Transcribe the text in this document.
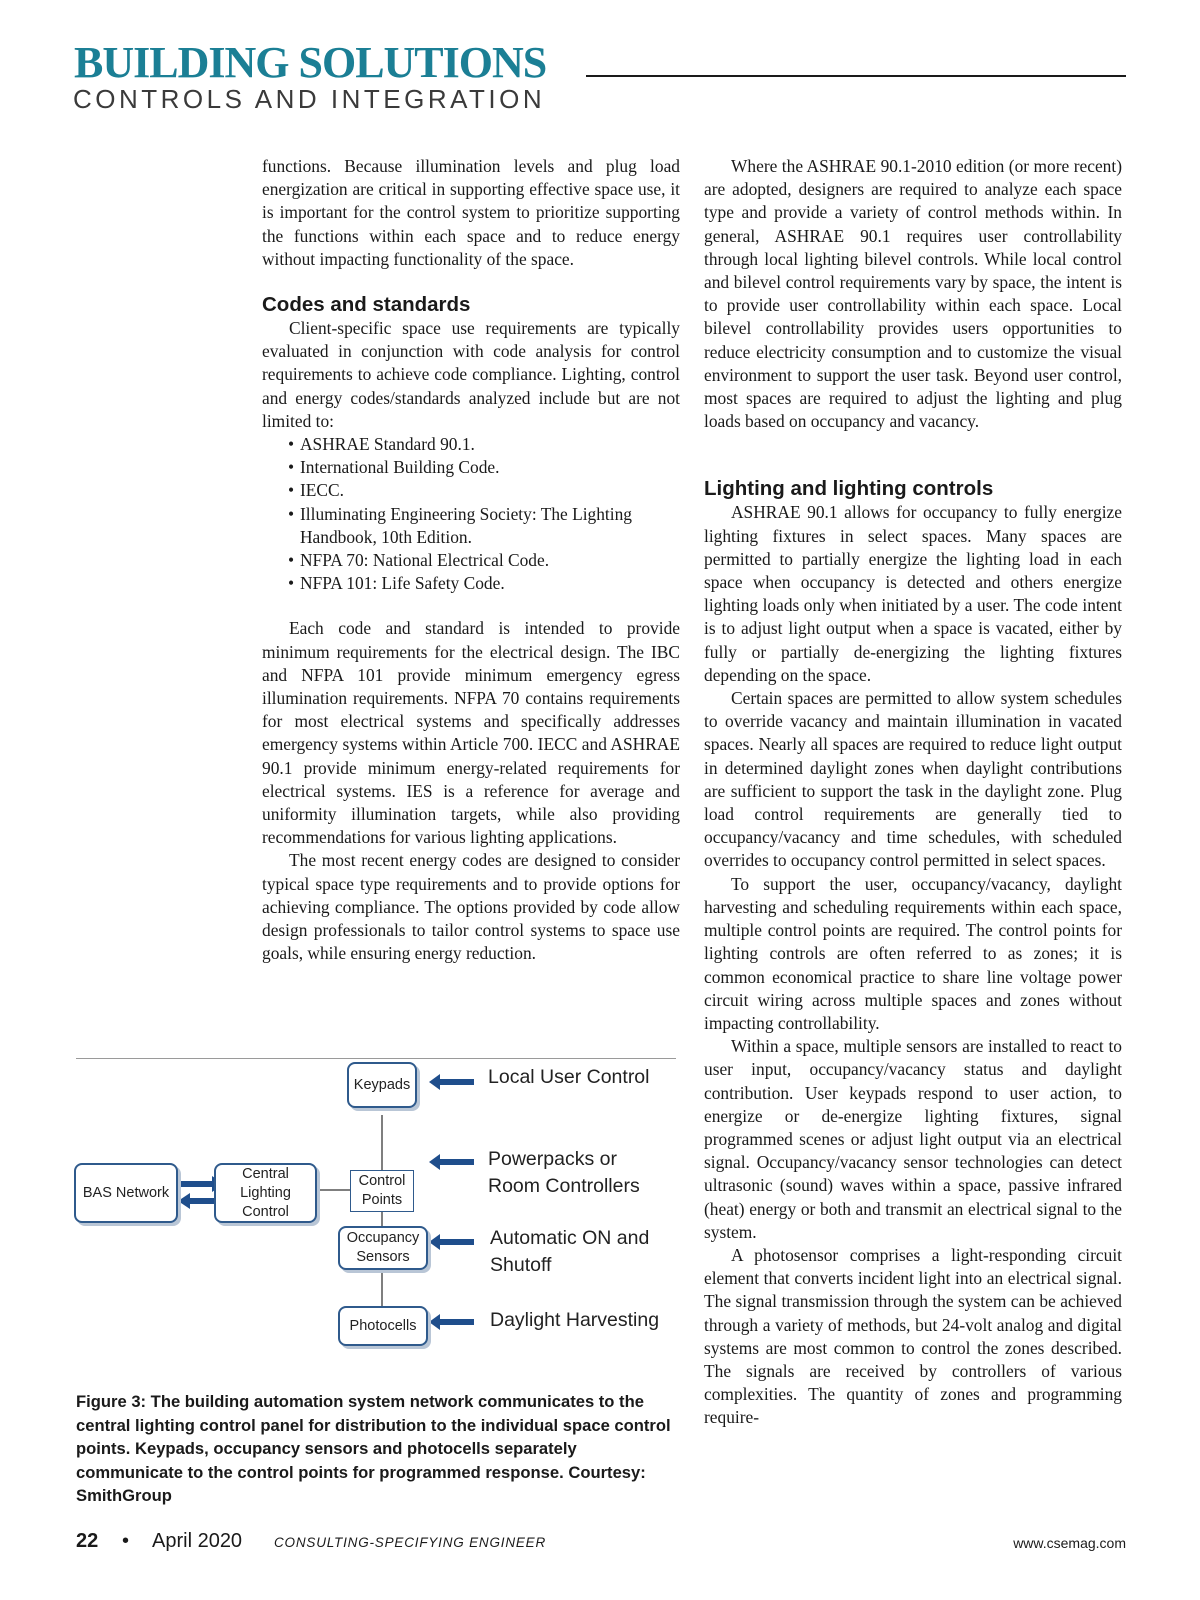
BUILDING SOLUTIONS
CONTROLS AND INTEGRATION

functions. Because illumination levels and plug load energization are critical in supporting effective space use, it is important for the control system to prioritize supporting the functions within each space and to reduce energy without impacting functionality of the space.

Codes and standards

Client-specific space use requirements are typically evaluated in conjunction with code analysis for control requirements to achieve code compliance. Lighting, control and energy codes/standards analyzed include but are not limited to:

• ASHRAE Standard 90.1.
• International Building Code.
• IECC.
• Illuminating Engineering Society: The Lighting Handbook, 10th Edition.
• NFPA 70: National Electrical Code.
• NFPA 101: Life Safety Code.

Each code and standard is intended to provide minimum requirements for the electrical design. The IBC and NFPA 101 provide minimum emergency egress illumination requirements. NFPA 70 contains requirements for most electrical systems and specifically addresses emergency systems within Article 700. IECC and ASHRAE 90.1 provide minimum energy-related requirements for electrical systems. IES is a reference for average and uniformity illumination targets, while also providing recommendations for various lighting applications.

The most recent energy codes are designed to consider typical space type requirements and to provide options for achieving compliance. The options provided by code allow design professionals to tailor control systems to space use goals, while ensuring energy reduction.

Where the ASHRAE 90.1-2010 edition (or more recent) are adopted, designers are required to analyze each space type and provide a variety of control methods within. In general, ASHRAE 90.1 requires user controllability through local lighting bilevel controls. While local control and bilevel control requirements vary by space, the intent is to provide user controllability within each space. Local bilevel controllability provides users opportunities to reduce electricity consumption and to customize the visual environment to support the user task. Beyond user control, most spaces are required to adjust the lighting and plug loads based on occupancy and vacancy.

Lighting and lighting controls

ASHRAE 90.1 allows for occupancy to fully energize lighting fixtures in select spaces. Many spaces are permitted to partially energize the lighting load in each space when occupancy is detected and others energize lighting loads only when initiated by a user. The code intent is to adjust light output when a space is vacated, either by fully or partially de-energizing the lighting fixtures depending on the space.

Certain spaces are permitted to allow system schedules to override vacancy and maintain illumination in vacated spaces. Nearly all spaces are required to reduce light output in determined daylight zones when daylight contributions are sufficient to support the task in the daylight zone. Plug load control requirements are generally tied to occupancy/vacancy and time schedules, with scheduled overrides to occupancy control permitted in select spaces.

To support the user, occupancy/vacancy, daylight harvesting and scheduling requirements within each space, multiple control points are required. The control points for lighting controls are often referred to as zones; it is common economical practice to share line voltage power circuit wiring across multiple spaces and zones without impacting controllability.

Within a space, multiple sensors are installed to react to user input, occupancy/vacancy status and daylight contribution. User keypads respond to user action, to energize or de-energize lighting fixtures, signal programmed scenes or adjust light output via an electrical signal. Occupancy/vacancy sensor technologies can detect ultrasonic (sound) waves within a space, passive infrared (heat) energy or both and transmit an electrical signal to the system.

A photosensor comprises a light-responding circuit element that converts incident light into an electrical signal. The signal transmission through the system can be achieved through a variety of methods, but 24-volt analog and digital systems are most common to control the zones described. The signals are received by controllers of various complexities. The quantity of zones and programming require-

BAS Network
Central Lighting Control
Keypads
Control Points
Occupancy Sensors
Photocells
Local User Control
Powerpacks or Room Controllers
Automatic ON and Shutoff
Daylight Harvesting
Figure 3: The building automation system network communicates to the central lighting control panel for distribution to the individual space control points. Keypads, occupancy sensors and photocells separately communicate to the control points for programmed response. Courtesy: SmithGroup
22 • April 2020 CONSULTING-SPECIFYING ENGINEER	www.csemag.com
